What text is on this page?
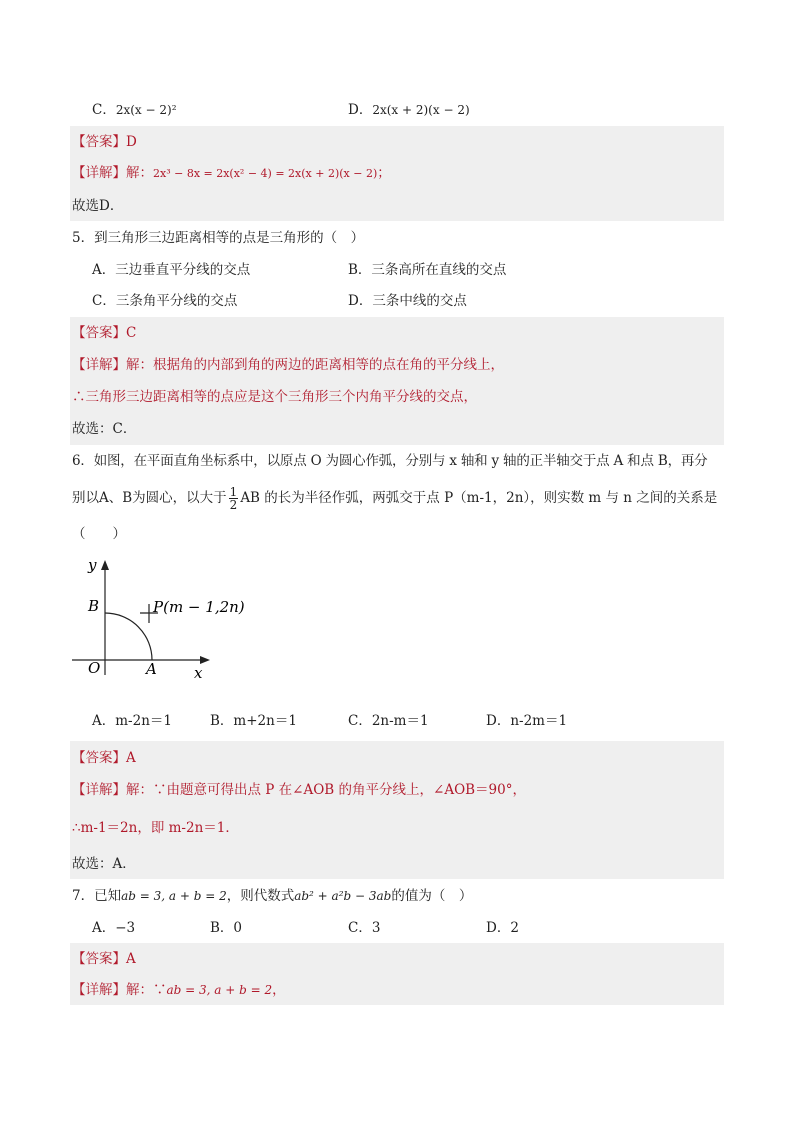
C．2x(x − 2)²	D．2x(x + 2)(x − 2)
【答案】D
【详解】解：2x³ − 8x = 2x(x² − 4) = 2x(x + 2)(x − 2)；
故选D．
5．到三角形三边距离相等的点是三角形的（　）
A．三边垂直平分线的交点	B．三条高所在直线的交点
C．三条角平分线的交点	D．三条中线的交点
【答案】C
【详解】解：根据角的内部到角的两边的距离相等的点在角的平分线上，
∴三角形三边距离相等的点应是这个三角形三个内角平分线的交点，
故选：C．
6．如图，在平面直角坐标系中，以原点 O 为圆心作弧，分别与 x 轴和 y 轴的正半轴交于点 A 和点 B，再分
别以A、B为圆心，以大于 $\frac{1}{2}$ AB 的长为半径作弧，两弧交于点 P（m-1，2n），则实数 m 与 n 之间的关系是
（　　）
y
x
O	A
B	P(m − 1,2n)
A．m-2n＝1	B．m+2n＝1	C．2n-m＝1	D．n-2m＝1
【答案】A
【详解】解：∵由题意可得出点 P 在∠AOB 的角平分线上，∠AOB＝90°，
∴m-1＝2n，即 m-2n＝1．
故选：A．
7．已知ab = 3, a + b = 2，则代数式ab² + a²b − 3ab的值为（　）
A．−3	B．0	C．3	D．2
【答案】A
【详解】解：∵ab = 3, a + b = 2，
